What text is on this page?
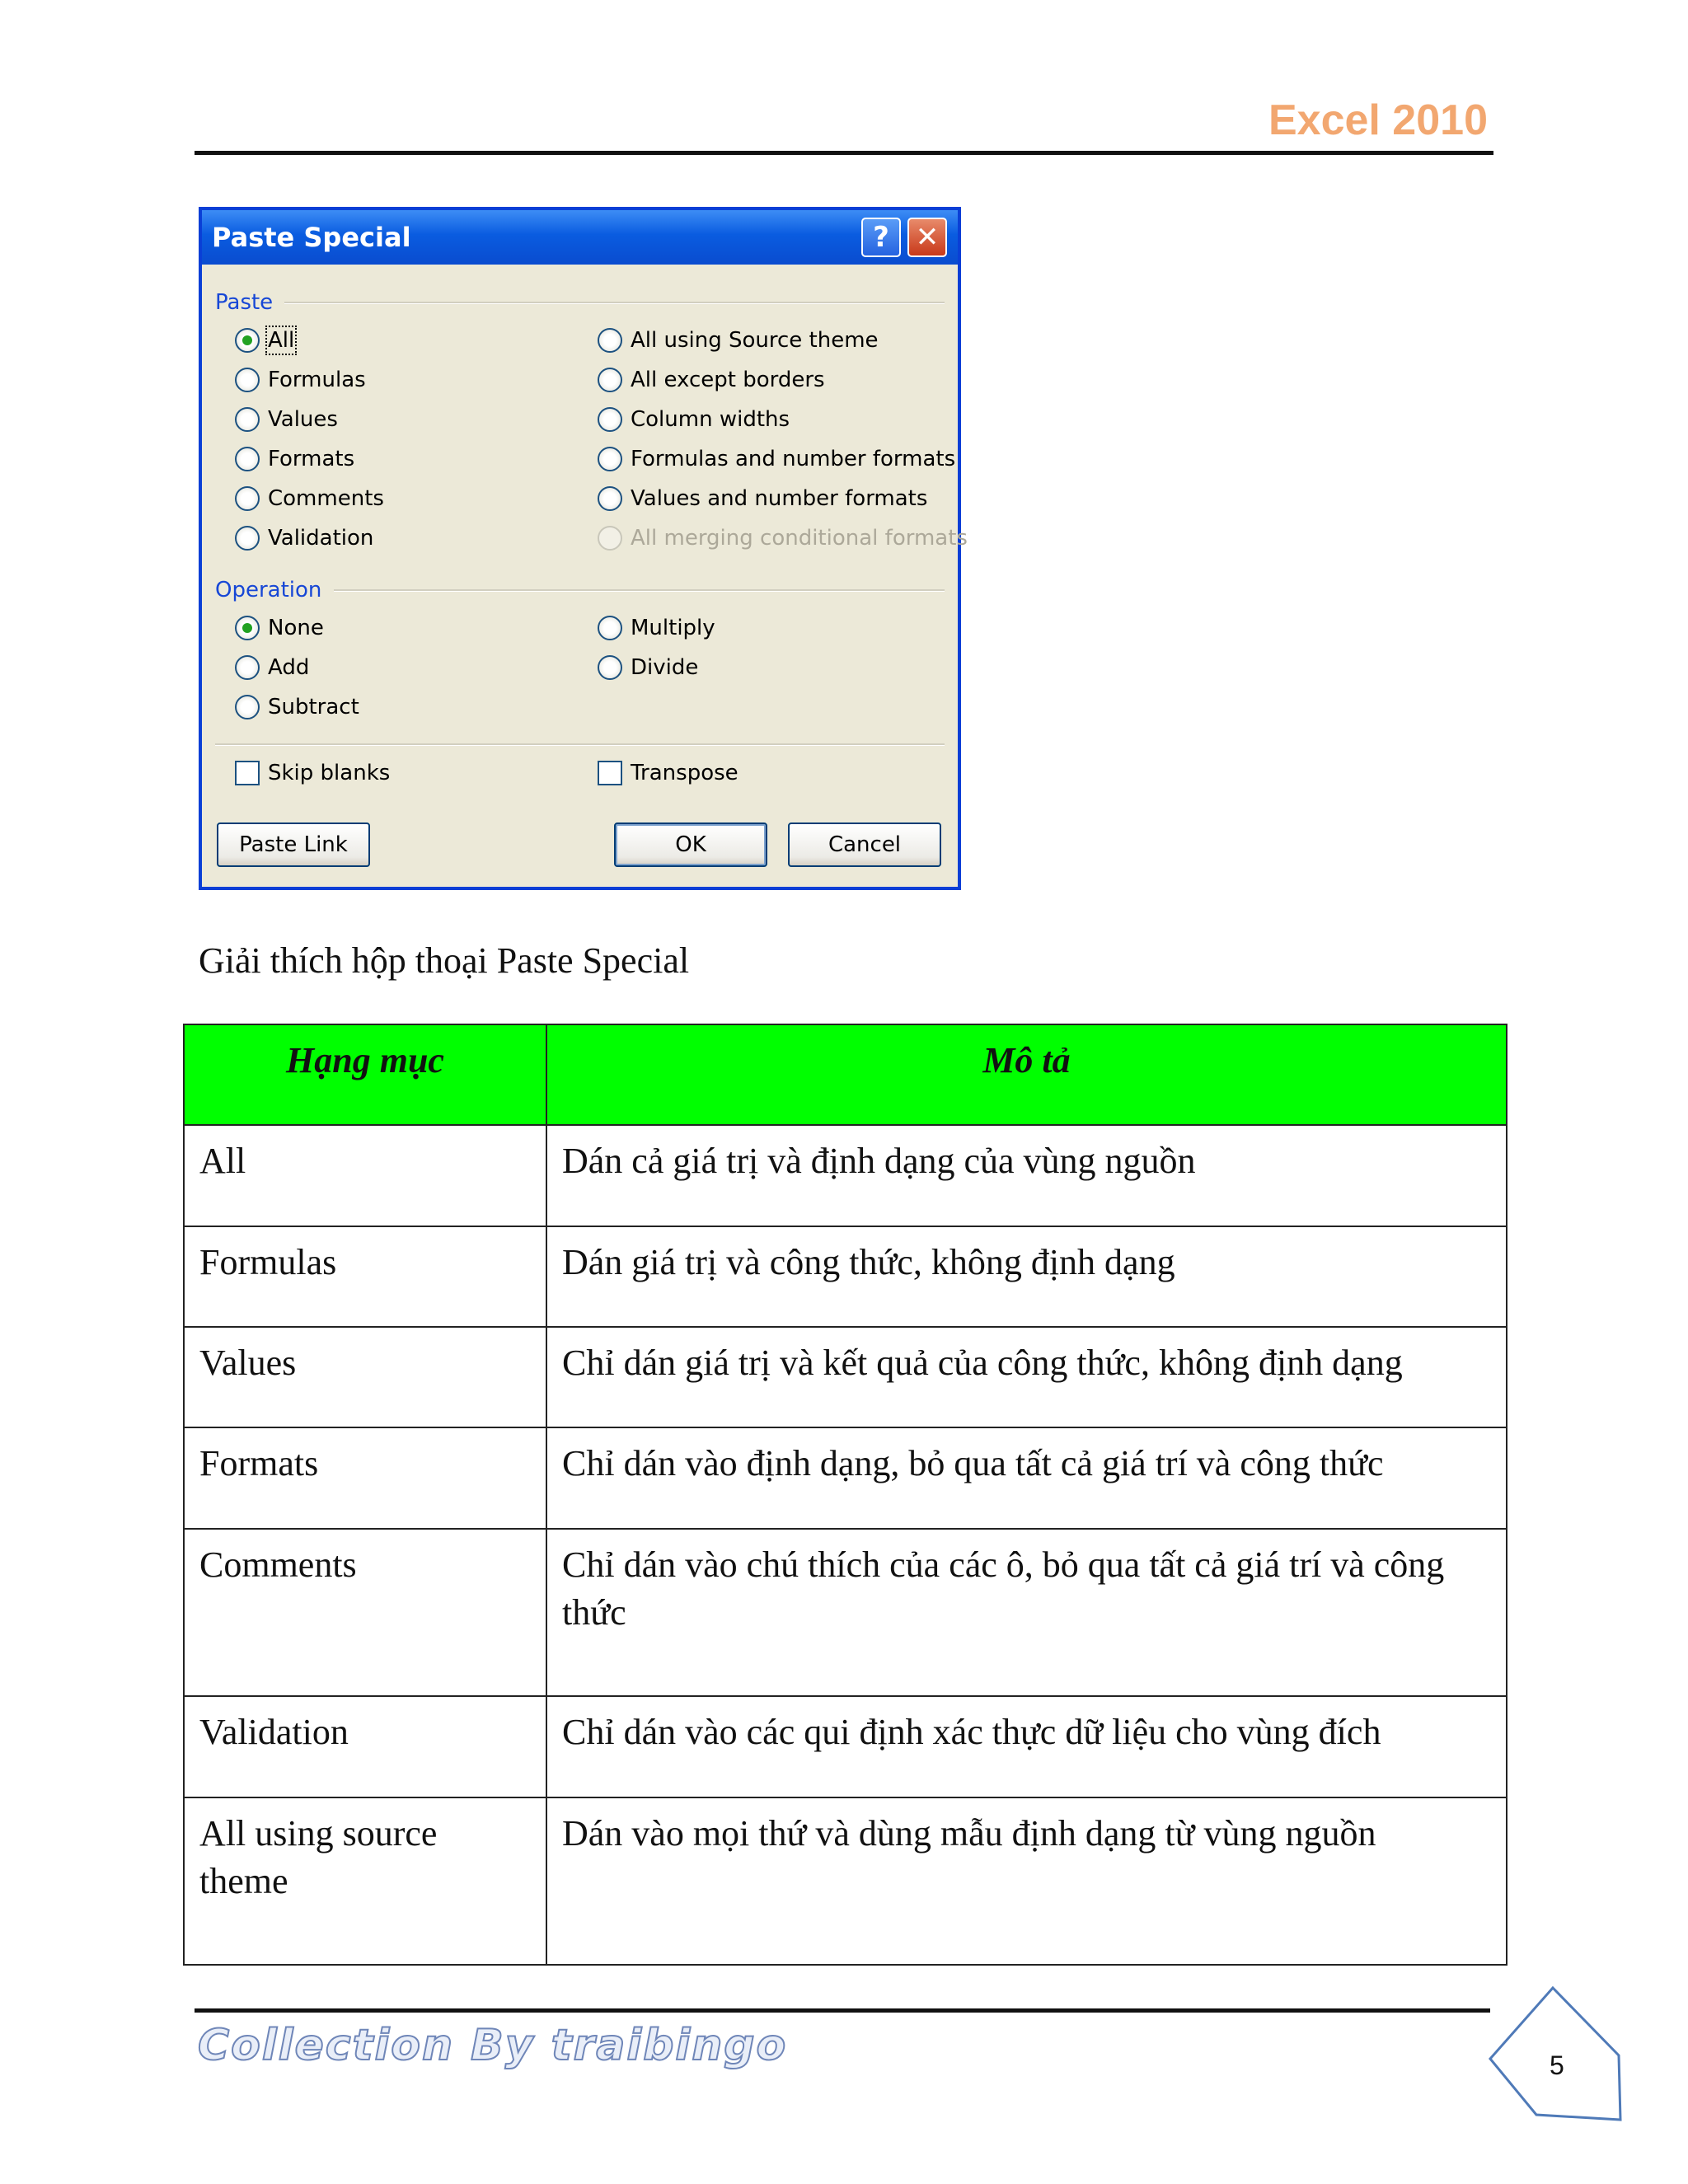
Excel 2010
Paste Special	? ✕
Paste
All
Formulas
Values
Formats
Comments
Validation
All using Source theme
All except borders
Column widths
Formulas and number formats
Values and number formats
All merging conditional formats
Operation
None
Add
Subtract
Multiply
Divide
Skip blanks	Transpose
Paste Link	OK	Cancel
Giải thích hộp thoại Paste Special
Hạng mục	Mô tả
All	Dán cả giá trị và định dạng của vùng nguồn
Formulas	Dán giá trị và công thức, không định dạng
Values	Chỉ dán giá trị và kết quả của công thức, không định dạng
Formats	Chỉ dán vào định dạng, bỏ qua tất cả giá trí và công thức
Comments	Chỉ dán vào chú thích của các ô, bỏ qua tất cả giá trí và công thức
Validation	Chỉ dán vào các qui định xác thực dữ liệu cho vùng đích
All using source theme	Dán vào mọi thứ và dùng mẫu định dạng từ vùng nguồn
Collection By traibingo	5
